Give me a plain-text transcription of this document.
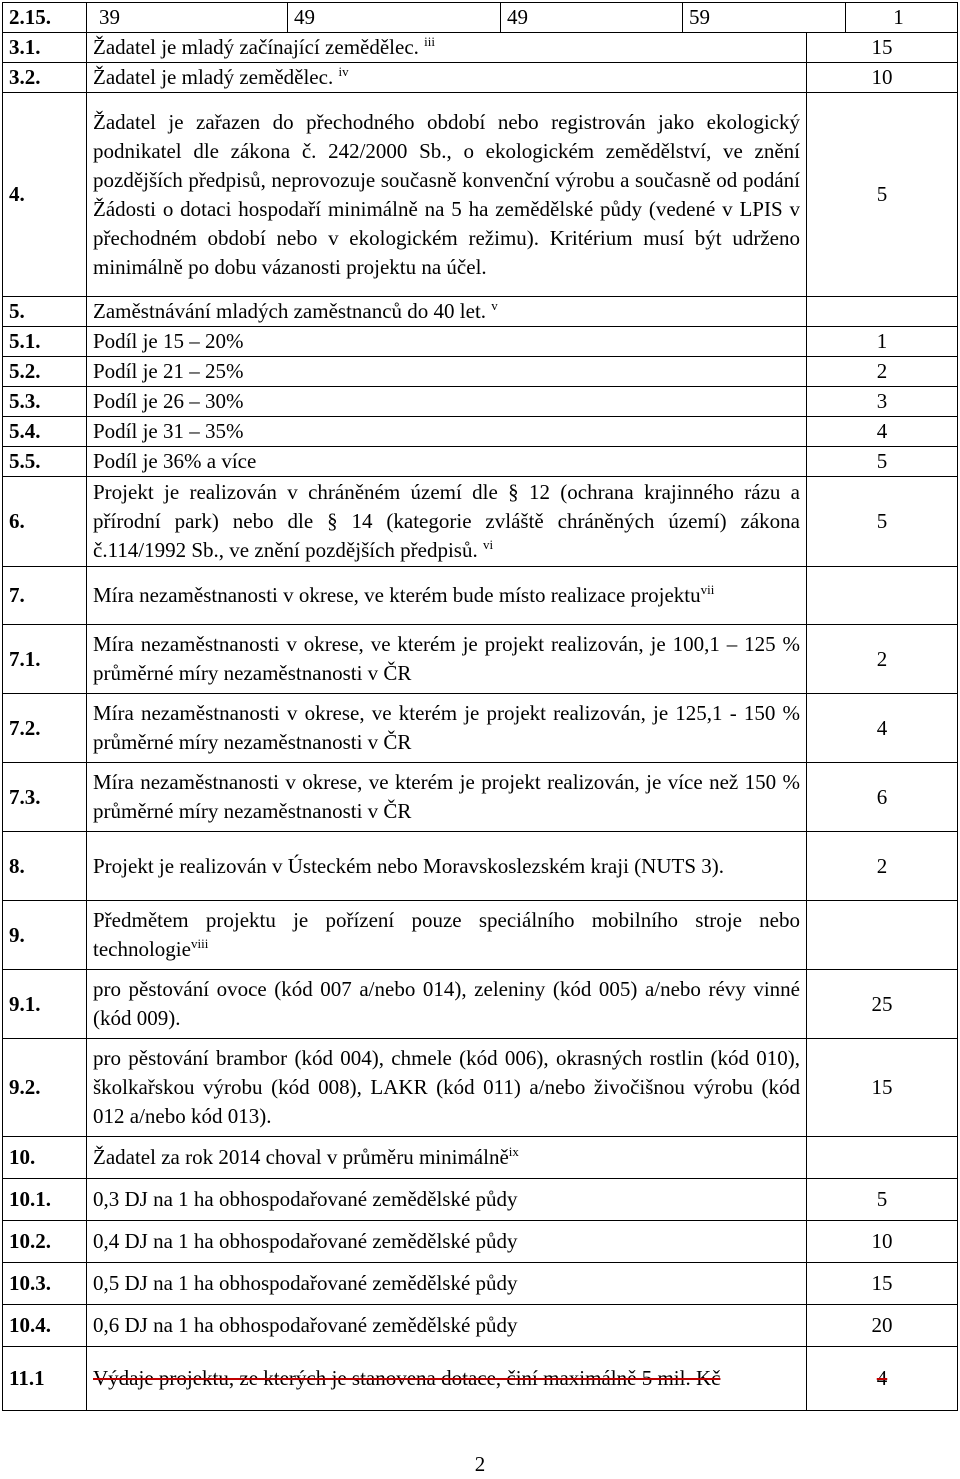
2.15.	39	49	49	59	1

3.1.	Žadatel je mladý začínající zemědělec. $^{iii}$	15
3.2.	Žadatel je mladý zemědělec. $^{iv}$	10
4.	Žadatel je zařazen do přechodného období nebo registrován jako ekologický podnikatel dle zákona č. 242/2000 Sb., o ekologickém zemědělství, ve znění pozdějších předpisů, neprovozuje současně konvenční výrobu a současně od podání Žádosti o dotaci hospodaří minimálně na 5 ha zemědělské půdy (vedené v LPIS v přechodném období nebo v ekologickém režimu). Kritérium musí být udrženo minimálně po dobu vázanosti projektu na účel.	5
5.	Zaměstnávání mladých zaměstnanců do 40 let. $^v$	
5.1.	Podíl je 15 – 20%	1
5.2.	Podíl je 21 – 25%	2
5.3.	Podíl je 26 – 30%	3
5.4.	Podíl je 31 – 35%	4
5.5.	Podíl je 36% a více	5
6.	Projekt je realizován v chráněném území dle § 12 (ochrana krajinného rázu a přírodní park) nebo dle § 14 (kategorie zvláště chráněných území) zákona č.114/1992 Sb., ve znění pozdějších předpisů. $^{vi}$	5
7.	Míra nezaměstnanosti v okrese, ve kterém bude místo realizace projektu$^{vii}$	
7.1.	Míra nezaměstnanosti v okrese, ve kterém je projekt realizován, je 100,1 – 125 % průměrné míry nezaměstnanosti v ČR	2
7.2.	Míra nezaměstnanosti v okrese, ve kterém je projekt realizován, je 125,1 - 150 % průměrné míry nezaměstnanosti v ČR	4
7.3.	Míra nezaměstnanosti v okrese, ve kterém je projekt realizován, je více než 150 % průměrné míry nezaměstnanosti v ČR	6
8.	Projekt je realizován v Ústeckém nebo Moravskoslezském kraji (NUTS 3).	2
9.	Předmětem projektu je pořízení pouze speciálního mobilního stroje nebo technologie$^{viii}$	
9.1.	pro pěstování ovoce (kód 007 a/nebo 014), zeleniny (kód 005) a/nebo révy vinné (kód 009).	25
9.2.	pro pěstování brambor (kód 004), chmele (kód 006), okrasných rostlin (kód 010), školkařskou výrobu (kód 008), LAKR (kód 011) a/nebo živočišnou výrobu (kód 012 a/nebo kód 013).	15
10.	Žadatel za rok 2014 choval v průměru minimálně$^{ix}$	
10.1.	0,3 DJ na 1 ha obhospodařované zemědělské půdy	5
10.2.	0,4 DJ na 1 ha obhospodařované zemědělské půdy	10
10.3.	0,5 DJ na 1 ha obhospodařované zemědělské půdy	15
10.4.	0,6 DJ na 1 ha obhospodařované zemědělské půdy	20
11.1	Výdaje projektu, ze kterých je stanovena dotace, činí maximálně 5 mil. Kč	4
2
